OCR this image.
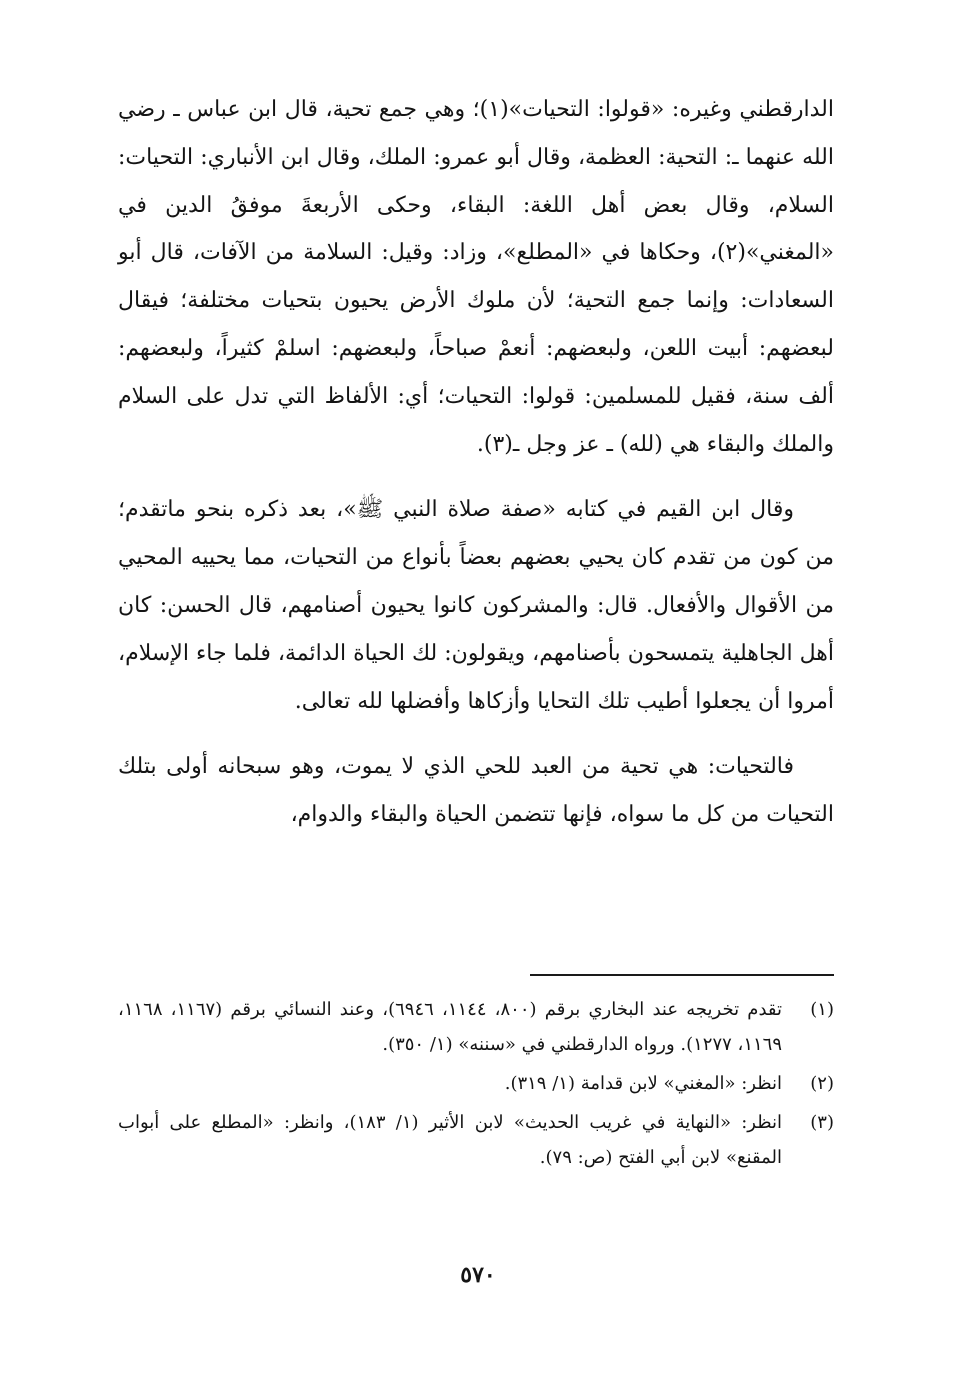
الدارقطني وغيره: «قولوا: التحيات»(١)؛ وهي جمع تحية، قال ابن عباس ـ رضي الله عنهما ـ: التحية: العظمة، وقال أبو عمرو: الملك، وقال ابن الأنباري: التحيات: السلام، وقال بعض أهل اللغة: البقاء، وحكى الأربعةَ موفقُ الدين في «المغني»(٢)، وحكاها في «المطلع»، وزاد: وقيل: السلامة من الآفات، قال أبو السعادات: وإنما جمع التحية؛ لأن ملوك الأرض يحيون بتحيات مختلفة؛ فيقال لبعضهم: أبيت اللعن، ولبعضهم: أنعمْ صباحاً، ولبعضهم: اسلمْ كثيراً، ولبعضهم: ألف سنة، فقيل للمسلمين: قولوا: التحيات؛ أي: الألفاظ التي تدل على السلام والملك والبقاء هي (لله) ـ عز وجل ـ(٣).

وقال ابن القيم في كتابه «صفة صلاة النبي ﷺ»، بعد ذكره بنحو ماتقدم؛ من كون من تقدم كان يحيي بعضهم بعضاً بأنواع من التحيات، مما يحييه المحيي من الأقوال والأفعال. قال: والمشركون كانوا يحيون أصنامهم، قال الحسن: كان أهل الجاهلية يتمسحون بأصنامهم، ويقولون: لك الحياة الدائمة، فلما جاء الإسلام، أمروا أن يجعلوا أطيب تلك التحايا وأزكاها وأفضلها لله تعالى.

فالتحيات: هي تحية من العبد للحي الذي لا يموت، وهو سبحانه أولى بتلك التحيات من كل ما سواه، فإنها تتضمن الحياة والبقاء والدوام،

(١)
تقدم تخريجه عند البخاري برقم (٨٠٠، ١١٤٤، ٦٩٤٦)، وعند النسائي برقم (١١٦٧، ١١٦٨، ١١٦٩، ١٢٧٧). ورواه الدارقطني في «سننه» (١/ ٣٥٠).
(٢)
انظر: «المغني» لابن قدامة (١/ ٣١٩).
(٣)
انظر: «النهاية في غريب الحديث» لابن الأثير (١/ ١٨٣)، وانظر: «المطلع على أبواب المقنع» لابن أبي الفتح (ص: ٧٩).
٥٧٠
